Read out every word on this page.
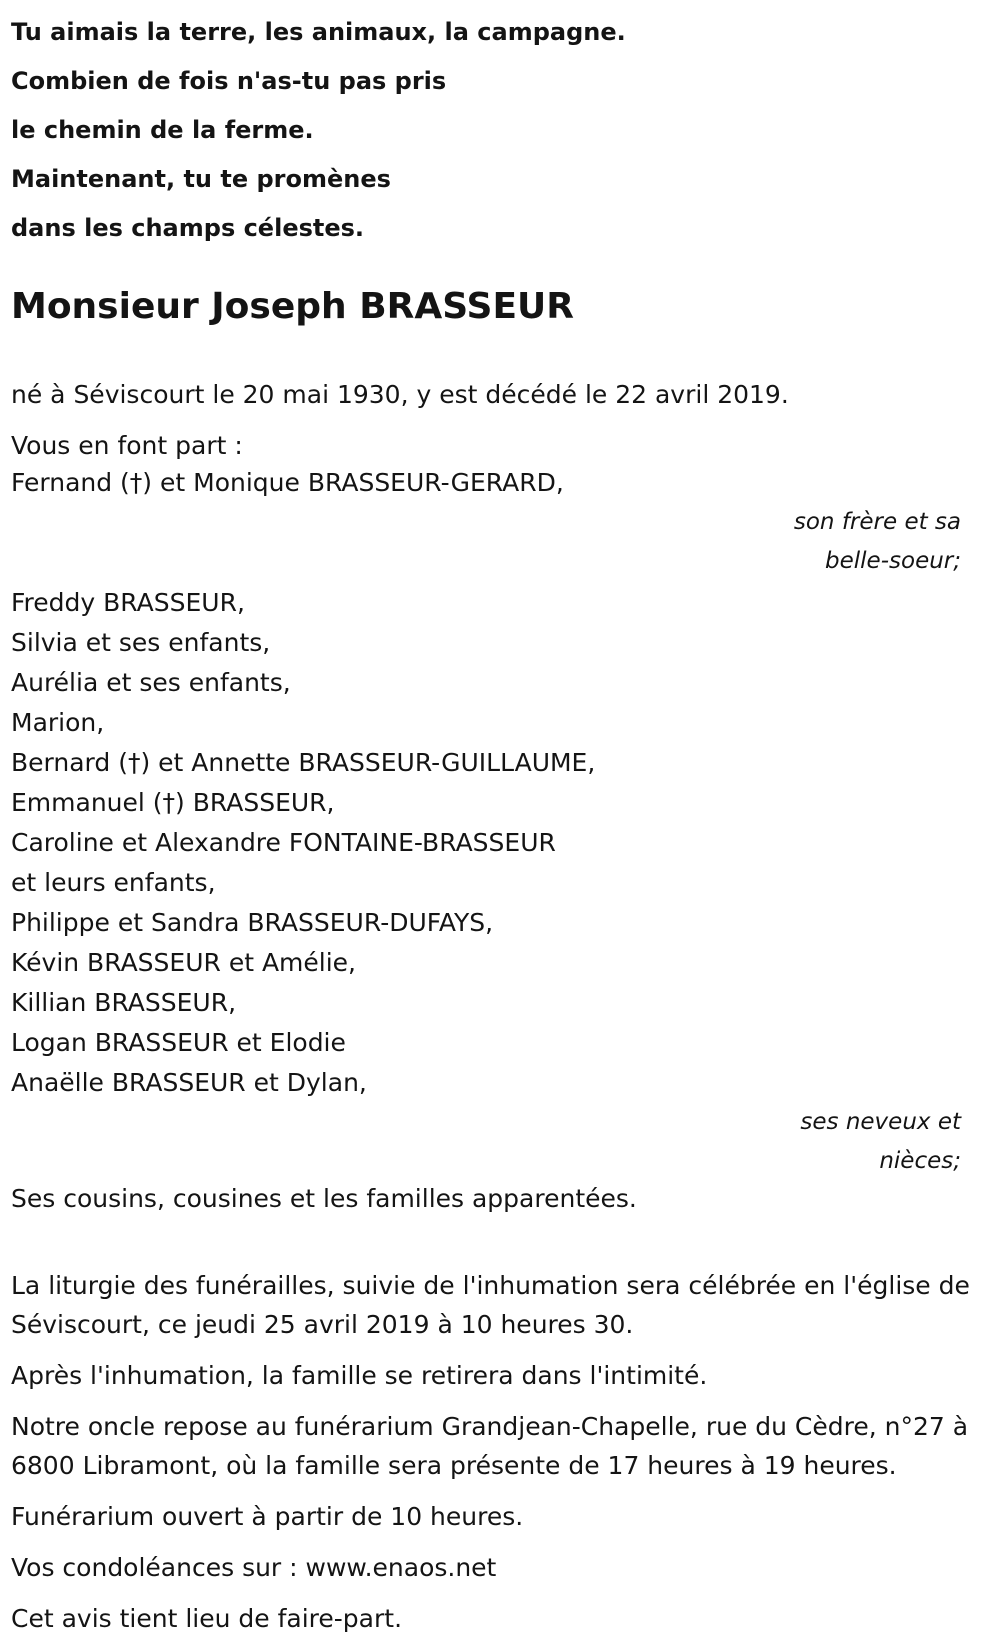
Tu aimais la terre, les animaux, la campagne.
Combien de fois n'as-tu pas pris
le chemin de la ferme.
Maintenant, tu te promènes
dans les champs célestes.
Monsieur Joseph BRASSEUR

né à Séviscourt le 20 mai 1930, y est décédé le 22 avril 2019.

Vous en font part :

Fernand (†) et Monique BRASSEUR-GERARD,
son frère et sa
belle-soeur;
Freddy BRASSEUR,
Silvia et ses enfants,
Aurélia et ses enfants,
Marion,
Bernard (†) et Annette BRASSEUR-GUILLAUME,
Emmanuel (†) BRASSEUR,
Caroline et Alexandre FONTAINE-BRASSEUR
et leurs enfants,
Philippe et Sandra BRASSEUR-DUFAYS,
Kévin BRASSEUR et Amélie,
Killian BRASSEUR,
Logan BRASSEUR et Elodie
Anaëlle BRASSEUR et Dylan,
ses neveux et
nièces;

Ses cousins, cousines et les familles apparentées.

La liturgie des funérailles, suivie de l'inhumation sera célébrée en l'église de Séviscourt, ce jeudi 25 avril 2019 à 10 heures 30.

Après l'inhumation, la famille se retirera dans l'intimité.

Notre oncle repose au funérarium Grandjean-Chapelle, rue du Cèdre, n°27 à 6800 Libramont, où la famille sera présente de 17 heures à 19 heures.

Funérarium ouvert à partir de 10 heures.

Vos condoléances sur : www.enaos.net

Cet avis tient lieu de faire-part.
